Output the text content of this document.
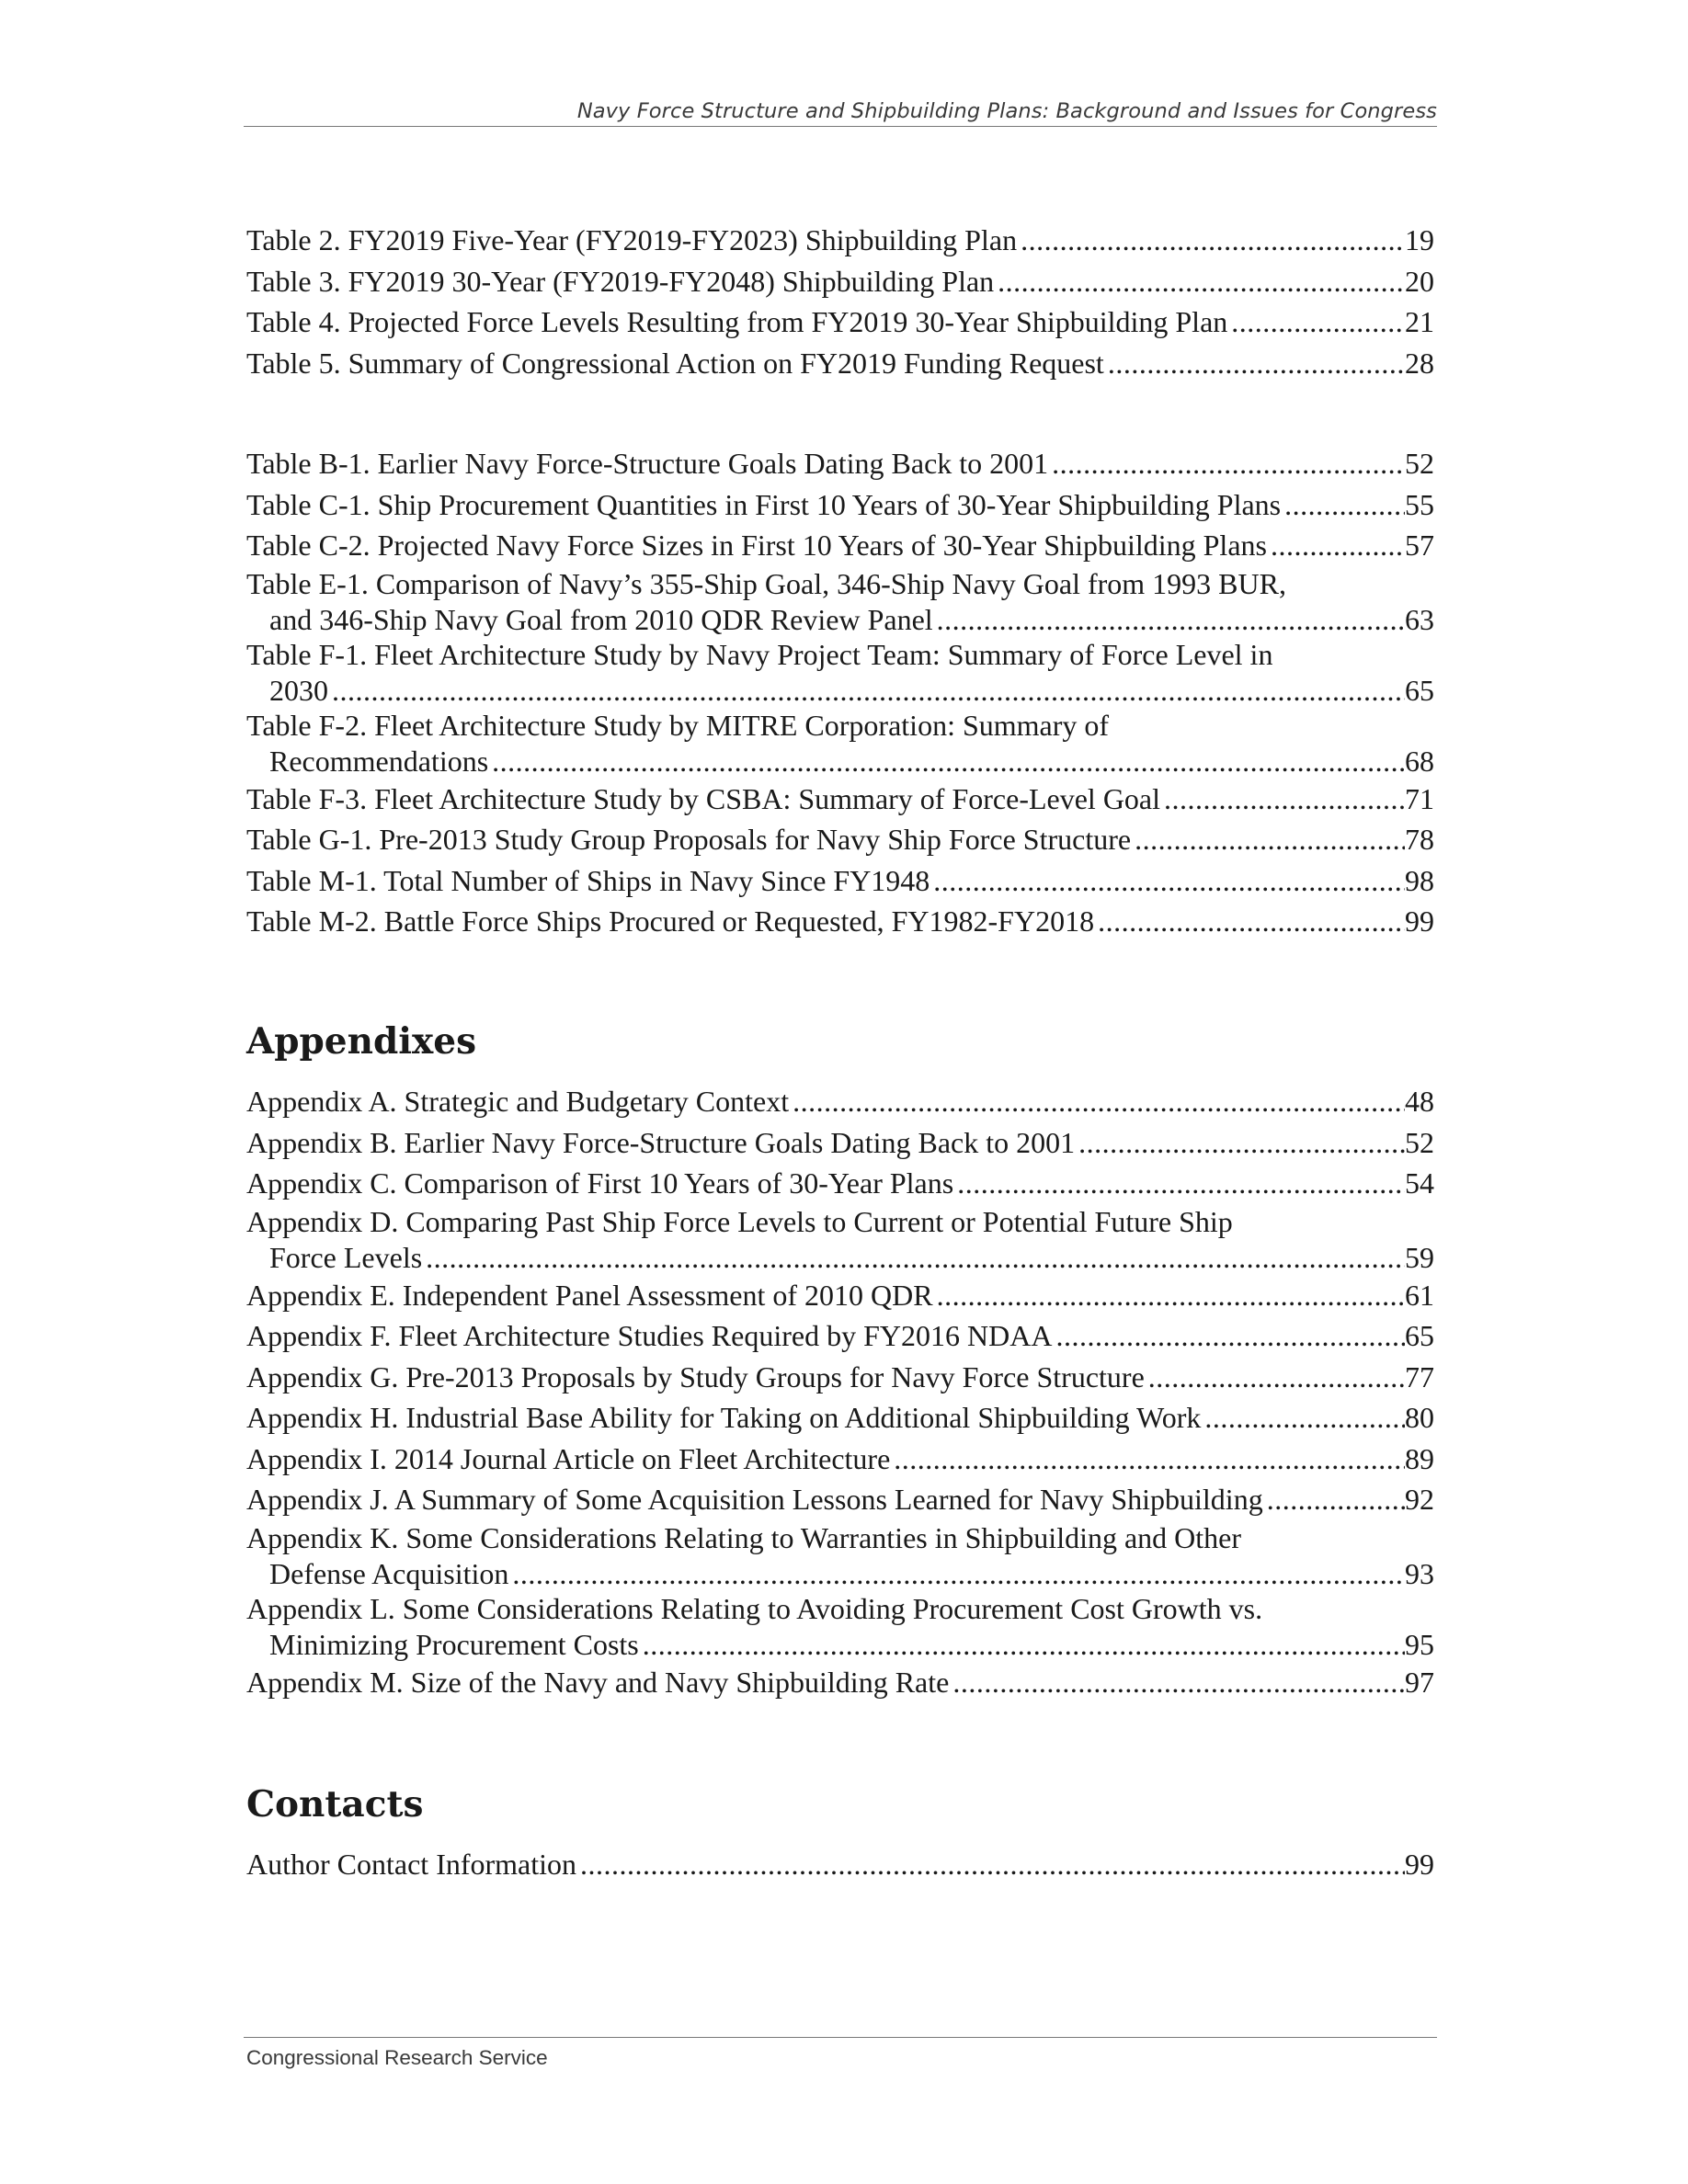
Navy Force Structure and Shipbuilding Plans: Background and Issues for Congress
Table 2. FY2019 Five-Year (FY2019-FY2023) Shipbuilding Plan .....	19
Table 3. FY2019 30-Year (FY2019-FY2048) Shipbuilding Plan .....	20
Table 4. Projected Force Levels Resulting from FY2019 30-Year Shipbuilding Plan .....	21
Table 5. Summary of Congressional Action on FY2019 Funding Request .....	28
Table B-1. Earlier Navy Force-Structure Goals Dating Back to 2001 .....	52
Table C-1. Ship Procurement Quantities in First 10 Years of 30-Year Shipbuilding Plans .....	55
Table C-2. Projected Navy Force Sizes in First 10 Years of 30-Year Shipbuilding Plans .....	57
Table E-1. Comparison of Navy’s 355-Ship Goal, 346-Ship Navy Goal from 1993 BUR,
and 346-Ship Navy Goal from 2010 QDR Review Panel .....	63
Table F-1. Fleet Architecture Study by Navy Project Team: Summary of Force Level in
2030 .....	65
Table F-2. Fleet Architecture Study by MITRE Corporation: Summary of
Recommendations .....	68
Table F-3. Fleet Architecture Study by CSBA: Summary of Force-Level Goal .....	71
Table G-1. Pre-2013 Study Group Proposals for Navy Ship Force Structure .....	78
Table M-1. Total Number of Ships in Navy Since FY1948 .....	98
Table M-2. Battle Force Ships Procured or Requested, FY1982-FY2018 .....	99
Appendixes
Appendix A. Strategic and Budgetary Context .....	48
Appendix B. Earlier Navy Force-Structure Goals Dating Back to 2001 .....	52
Appendix C. Comparison of First 10 Years of 30-Year Plans .....	54
Appendix D. Comparing Past Ship Force Levels to Current or Potential Future Ship
Force Levels .....	59
Appendix E. Independent Panel Assessment of 2010 QDR .....	61
Appendix F. Fleet Architecture Studies Required by FY2016 NDAA .....	65
Appendix G. Pre-2013 Proposals by Study Groups for Navy Force Structure .....	77
Appendix H. Industrial Base Ability for Taking on Additional Shipbuilding Work .....	80
Appendix I. 2014 Journal Article on Fleet Architecture .....	89
Appendix J. A Summary of Some Acquisition Lessons Learned for Navy Shipbuilding .....	92
Appendix K. Some Considerations Relating to Warranties in Shipbuilding and Other
Defense Acquisition .....	93
Appendix L. Some Considerations Relating to Avoiding Procurement Cost Growth vs.
Minimizing Procurement Costs .....	95
Appendix M. Size of the Navy and Navy Shipbuilding Rate .....	97
Contacts
Author Contact Information .....	99
Congressional Research Service
